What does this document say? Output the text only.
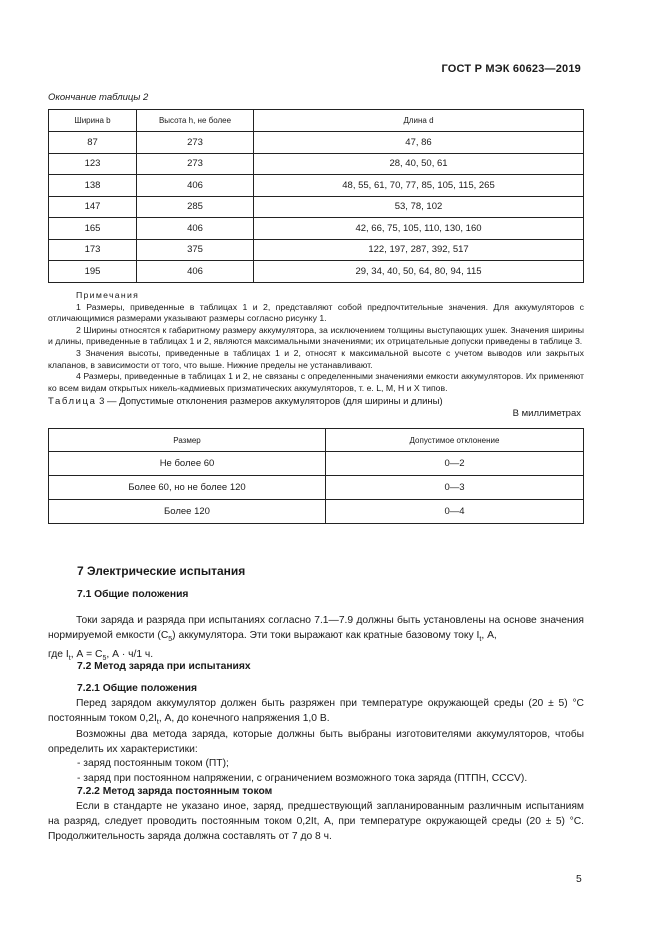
ГОСТ Р МЭК 60623—2019
Окончание таблицы 2
Ширина b	Высота h, не более	Длина d
87	273	47, 86
123	273	28, 40, 50, 61
138	406	48, 55, 61, 70, 77, 85, 105, 115, 265
147	285	53, 78, 102
165	406	42, 66, 75, 105, 110, 130, 160
173	375	122, 197, 287, 392, 517
195	406	29, 34, 40, 50, 64, 80, 94, 115
Примечания

1 Размеры, приведенные в таблицах 1 и 2, представляют собой предпочтительные значения. Для аккумуляторов с отличающимися размерами указывают размеры согласно рисунку 1.

2 Ширины относятся к габаритному размеру аккумулятора, за исключением толщины выступающих ушек. Значения ширины и длины, приведенные в таблицах 1 и 2, являются максимальными значениями; их отрицательные допуски приведены в таблице 3.

3 Значения высоты, приведенные в таблицах 1 и 2, относят к максимальной высоте с учетом выводов или закрытых клапанов, в зависимости от того, что выше. Нижние пределы не устанавливают.

4 Размеры, приведенные в таблицах 1 и 2, не связаны с определенными значениями емкости аккумуляторов. Их применяют ко всем видам открытых никель-кадмиевых призматических аккумуляторов, т. е. L, M, H и X типов.

Таблица 3 — Допустимые отклонения размеров аккумуляторов (для ширины и длины)
В миллиметрах
Размер	Допустимое отклонение
Не более 60	0—2
Более 60, но не более 120	0—3
Более 120	0—4
7 Электрические испытания
7.1 Общие положения

Токи заряда и разряда при испытаниях согласно 7.1—7.9 должны быть установлены на основе значения нормируемой емкости $(C_5)$ аккумулятора. Эти токи выражают как кратные базовому току $I_t$, А,
где $I_t$, $А = C_5$, А · ч/1 ч.

7.2 Метод заряда при испытаниях
7.2.1 Общие положения

Перед зарядом аккумулятор должен быть разряжен при температуре окружающей среды (20 ± 5) °C постоянным током $0,2I_t$, А, до конечного напряжения 1,0 В.

Возможны два метода заряда, которые должны быть выбраны изготовителями аккумуляторов, чтобы определить их характеристики:

- заряд постоянным током (ПТ);
- заряд при постоянном напряжении, с ограничением возможного тока заряда (ПТПН, CCCV).
7.2.2 Метод заряда постоянным током

Если в стандарте не указано иное, заряд, предшествующий запланированным различным испытаниям на разряд, следует проводить постоянным током 0,2It, А, при температуре окружающей среды (20 ± 5) °C. Продолжительность заряда должна составлять от 7 до 8 ч.

5
